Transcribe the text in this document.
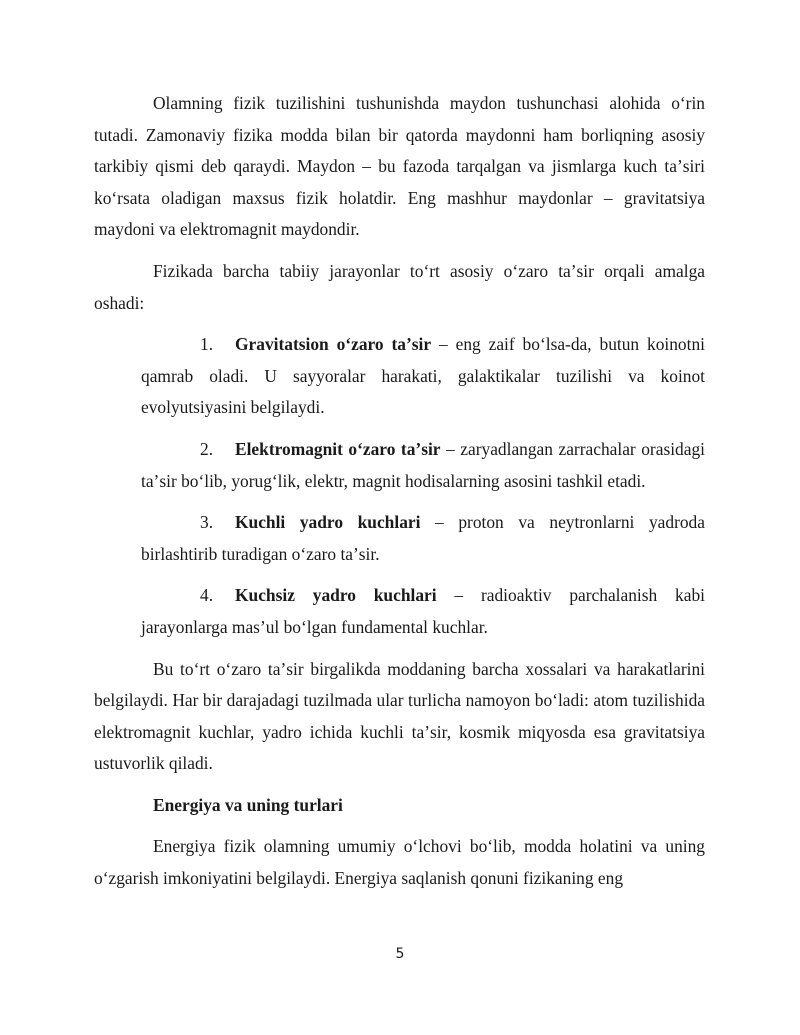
Olamning fizik tuzilishini tushunishda maydon tushunchasi alohida oʻrin tutadi. Zamonaviy fizika modda bilan bir qatorda maydonni ham borliqning asosiy tarkibiy qismi deb qaraydi. Maydon – bu fazoda tarqalgan va jismlarga kuch taʼsiri koʻrsata oladigan maxsus fizik holatdir. Eng mashhur maydonlar – gravitatsiya maydoni va elektromagnit maydondir.

Fizikada barcha tabiiy jarayonlar toʻrt asosiy oʻzaro taʼsir orqali amalga oshadi:

1. Gravitatsion oʻzaro taʼsir – eng zaif boʻlsa-da, butun koinotni qamrab oladi. U sayyoralar harakati, galaktikalar tuzilishi va koinot evolyutsiyasini belgilaydi.

2. Elektromagnit oʻzaro taʼsir – zaryadlangan zarrachalar orasidagi taʼsir boʻlib, yorugʻlik, elektr, magnit hodisalarning asosini tashkil etadi.

3. Kuchli yadro kuchlari – proton va neytronlarni yadroda birlashtirib turadigan oʻzaro taʼsir.

4. Kuchsiz yadro kuchlari – radioaktiv parchalanish kabi jarayonlarga masʼul boʻlgan fundamental kuchlar.

Bu toʻrt oʻzaro taʼsir birgalikda moddaning barcha xossalari va harakatlarini belgilaydi. Har bir darajadagi tuzilmada ular turlicha namoyon boʻladi: atom tuzilishida elektromagnit kuchlar, yadro ichida kuchli taʼsir, kosmik miqyosda esa gravitatsiya ustuvorlik qiladi.

Energiya va uning turlari

Energiya fizik olamning umumiy oʻlchovi boʻlib, modda holatini va uning oʻzgarish imkoniyatini belgilaydi. Energiya saqlanish qonuni fizikaning eng

5
